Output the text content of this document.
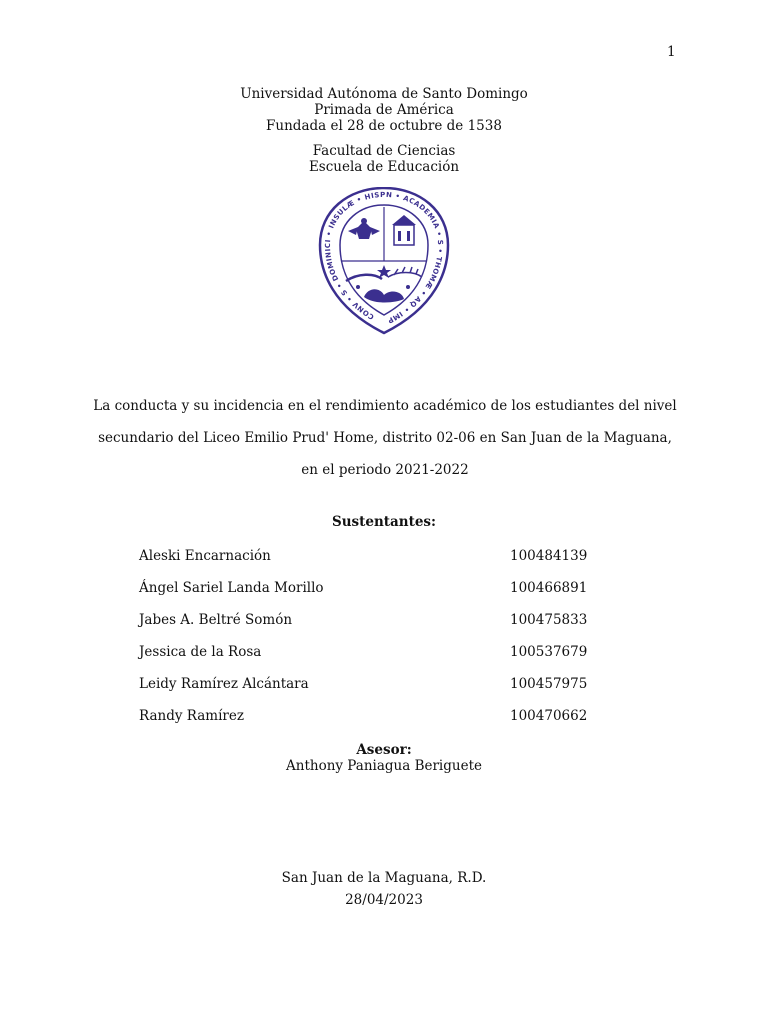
1
Universidad Autónoma de Santo Domingo
Primada de América
Fundada el 28 de octubre de 1538
Facultad de Ciencias
Escuela de Educación
CONV • S • DOMINICI • INSULÆ • HISPN • ACADEMIA • S • THOMÆ • AQ • IMP
La conducta y su incidencia en el rendimiento académico de los estudiantes del nivel secundario del Liceo Emilio Prud' Home, distrito 02-06 en San Juan de la Maguana, en el periodo 2021-2022
Sustentantes:
Aleski Encarnación	100484139
Ángel Sariel Landa Morillo	100466891
Jabes A. Beltré Somón	100475833
Jessica de la Rosa	100537679
Leidy Ramírez Alcántara	100457975
Randy Ramírez	100470662
Asesor:
Anthony Paniagua Beriguete
San Juan de la Maguana, R.D.
28/04/2023
